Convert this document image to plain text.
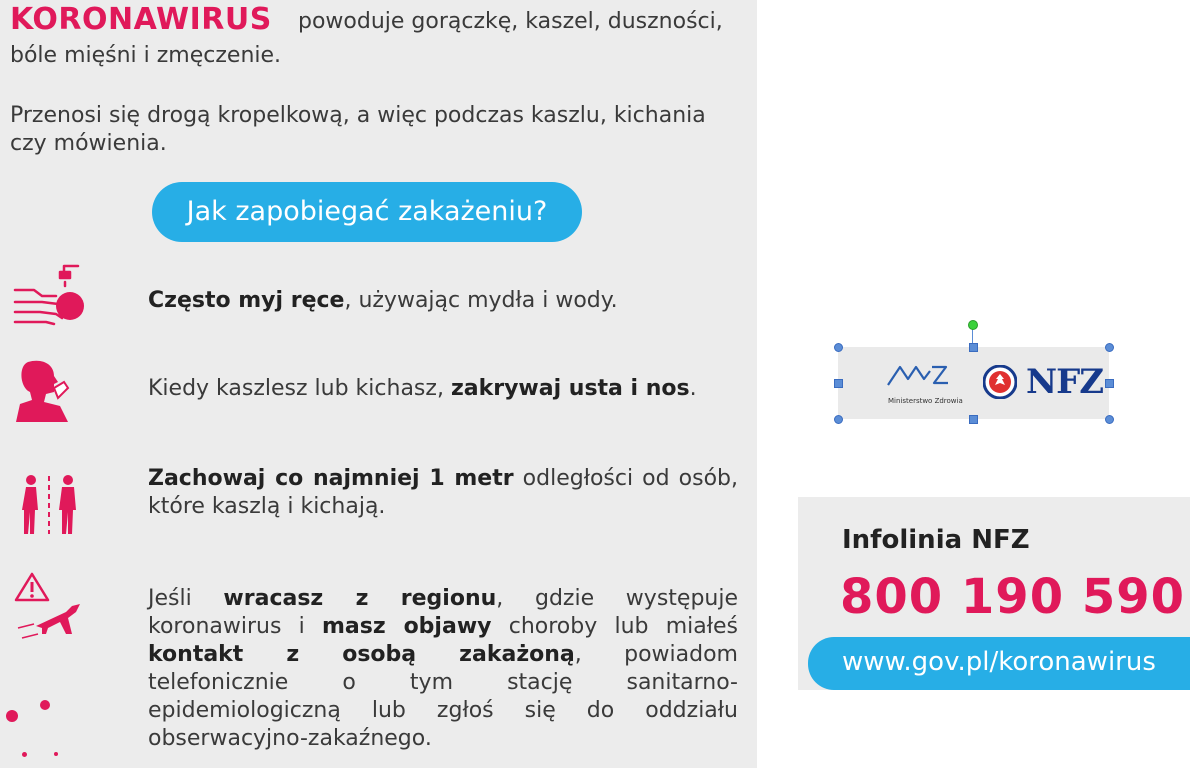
KORONAWIRUS powoduje gorączkę, kaszel, duszności,
bóle mięśni i zmęczenie.
Przenosi się drogą kropelkową, a więc podczas kaszlu, kichania czy mówienia.
Jak zapobiegać zakażeniu?
Często myj ręce, używając mydła i wody.
Kiedy kaszlesz lub kichasz, zakrywaj usta i nos.
Zachowaj co najmniej 1 metr odległości od osób, które kaszlą i kichają.
Jeśli wracasz z regionu, gdzie występuje koronawirus i masz objawy choroby lub miałeś kontakt z osobą zakażoną, powiadom telefonicznie o tym stację sanitarno-epidemiologiczną lub zgłoś się do oddziału obserwacyjno-zakaźnego.
Ministerstwo Zdrowia NFZ
Infolinia NFZ
800 190 590
www.gov.pl/koronawirus
